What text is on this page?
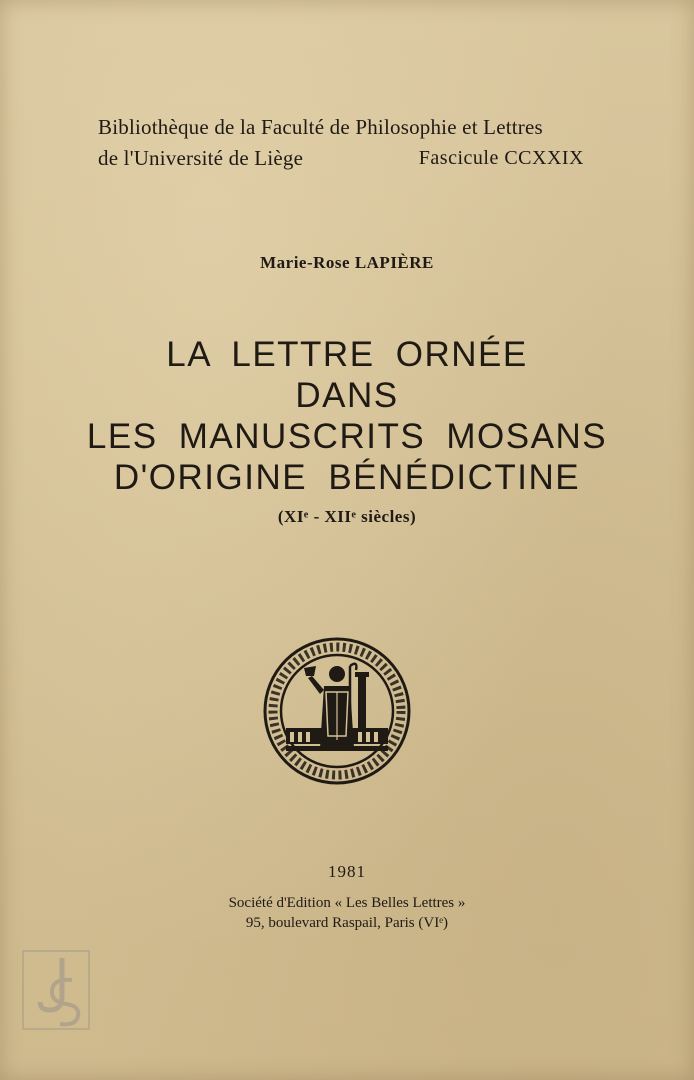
Bibliothèque de la Faculté de Philosophie et Lettres
de l'Université de Liège	Fascicule CCXXIX
Marie-Rose LAPIÈRE
LA LETTRE ORNÉE
DANS
LES MANUSCRITS MOSANS
D'ORIGINE BÉNÉDICTINE
(XIᵉ - XIIᵉ siècles)
1981
Société d'Edition « Les Belles Lettres »
95, boulevard Raspail, Paris (VIᵉ)
